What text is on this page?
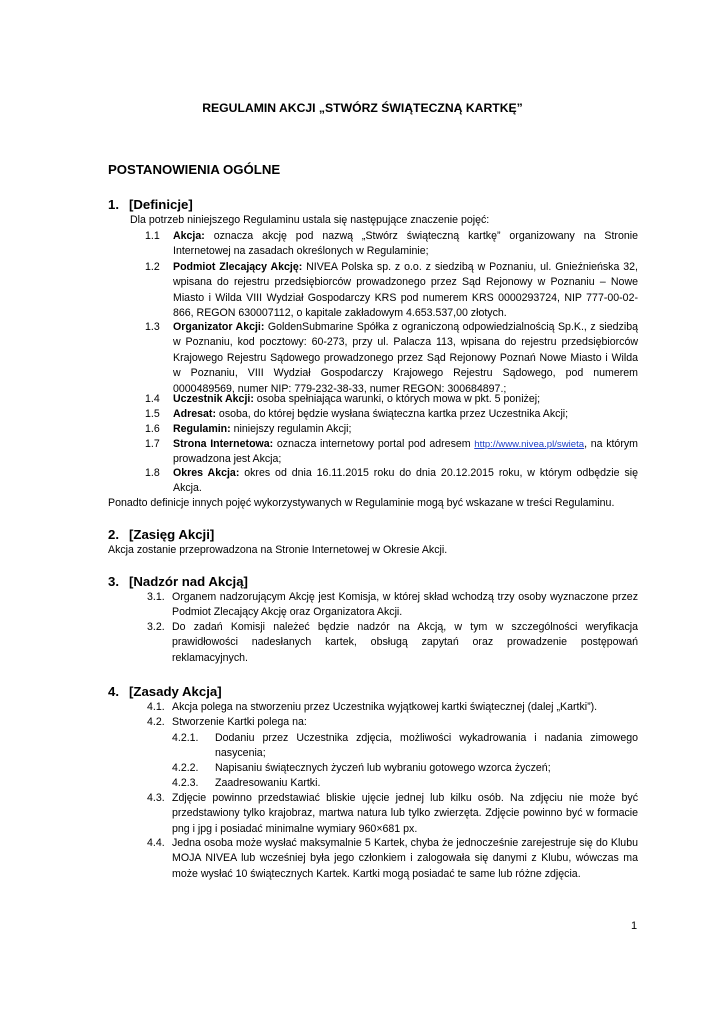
REGULAMIN AKCJI „STWÓRZ ŚWIĄTECZNĄ KARTKĘ”
POSTANOWIENIA OGÓLNE
1. [Definicje]
Dla potrzeb niniejszego Regulaminu ustala się następujące znaczenie pojęć:
1.1	Akcja: oznacza akcję pod nazwą „Stwórz świąteczną kartkę” organizowany na Stronie Internetowej na zasadach określonych w Regulaminie;
1.2	Podmiot Zlecający Akcję: NIVEA Polska sp. z o.o. z siedzibą w Poznaniu, ul. Gnieźnieńska 32, wpisana do rejestru przedsiębiorców prowadzonego przez Sąd Rejonowy w Poznaniu – Nowe Miasto i Wilda VIII Wydział Gospodarczy KRS pod numerem KRS 0000293724, NIP 777-00-02-866, REGON 630007112, o kapitale zakładowym 4.653.537,00 złotych.
1.3	Organizator Akcji: GoldenSubmarine Spółka z ograniczoną odpowiedzialnością Sp.K., z siedzibą w Poznaniu, kod pocztowy: 60-273, przy ul. Palacza 113, wpisana do rejestru przedsiębiorców Krajowego Rejestru Sądowego prowadzonego przez Sąd Rejonowy Poznań Nowe Miasto i Wilda w Poznaniu, VIII Wydział Gospodarczy Krajowego Rejestru Sądowego, pod numerem 0000489569, numer NIP: 779-232-38-33, numer REGON: 300684897.;
1.4	Uczestnik Akcji: osoba spełniająca warunki, o których mowa w pkt. 5 poniżej;
1.5	Adresat: osoba, do której będzie wysłana świąteczna kartka przez Uczestnika Akcji;
1.6	Regulamin: niniejszy regulamin Akcji;
1.7	Strona Internetowa: oznacza internetowy portal pod adresem http://www.nivea.pl/swieta, na którym prowadzona jest Akcja;
1.8	Okres Akcja: okres od dnia 16.11.2015 roku do dnia 20.12.2015 roku, w którym odbędzie się Akcja.
Ponadto definicje innych pojęć wykorzystywanych w Regulaminie mogą być wskazane w treści Regulaminu.
2. [Zasięg Akcji]
Akcja zostanie przeprowadzona na Stronie Internetowej w Okresie Akcji.
3. [Nadzór nad Akcją]
3.1. Organem nadzorującym Akcję jest Komisja, w której skład wchodzą trzy osoby wyznaczone przez Podmiot Zlecający Akcję oraz Organizatora Akcji.
3.2. Do zadań Komisji należeć będzie nadzór na Akcją, w tym w szczególności weryfikacja prawidłowości nadesłanych kartek, obsługą zapytań oraz prowadzenie postępowań reklamacyjnych.
4. [Zasady Akcja]
4.1. Akcja polega na stworzeniu przez Uczestnika wyjątkowej kartki świątecznej (dalej „Kartki”).
4.2. Stworzenie Kartki polega na:
4.2.1.	Dodaniu przez Uczestnika zdjęcia, możliwości wykadrowania i nadania zimowego nasycenia;
4.2.2.	Napisaniu świątecznych życzeń lub wybraniu gotowego wzorca życzeń;
4.2.3.	Zaadresowaniu Kartki.
4.3. Zdjęcie powinno przedstawiać bliskie ujęcie jednej lub kilku osób. Na zdjęciu nie może być przedstawiony tylko krajobraz, martwa natura lub tylko zwierzęta. Zdjęcie powinno być w formacie png i jpg i posiadać minimalne wymiary 960×681 px.
4.4. Jedna osoba może wysłać maksymalnie 5 Kartek, chyba że jednocześnie zarejestruje się do Klubu MOJA NIVEA lub wcześniej była jego członkiem i zalogowała się danymi z Klubu, wówczas ma może wysłać 10 świątecznych Kartek. Kartki mogą posiadać te same lub różne zdjęcia.
1
